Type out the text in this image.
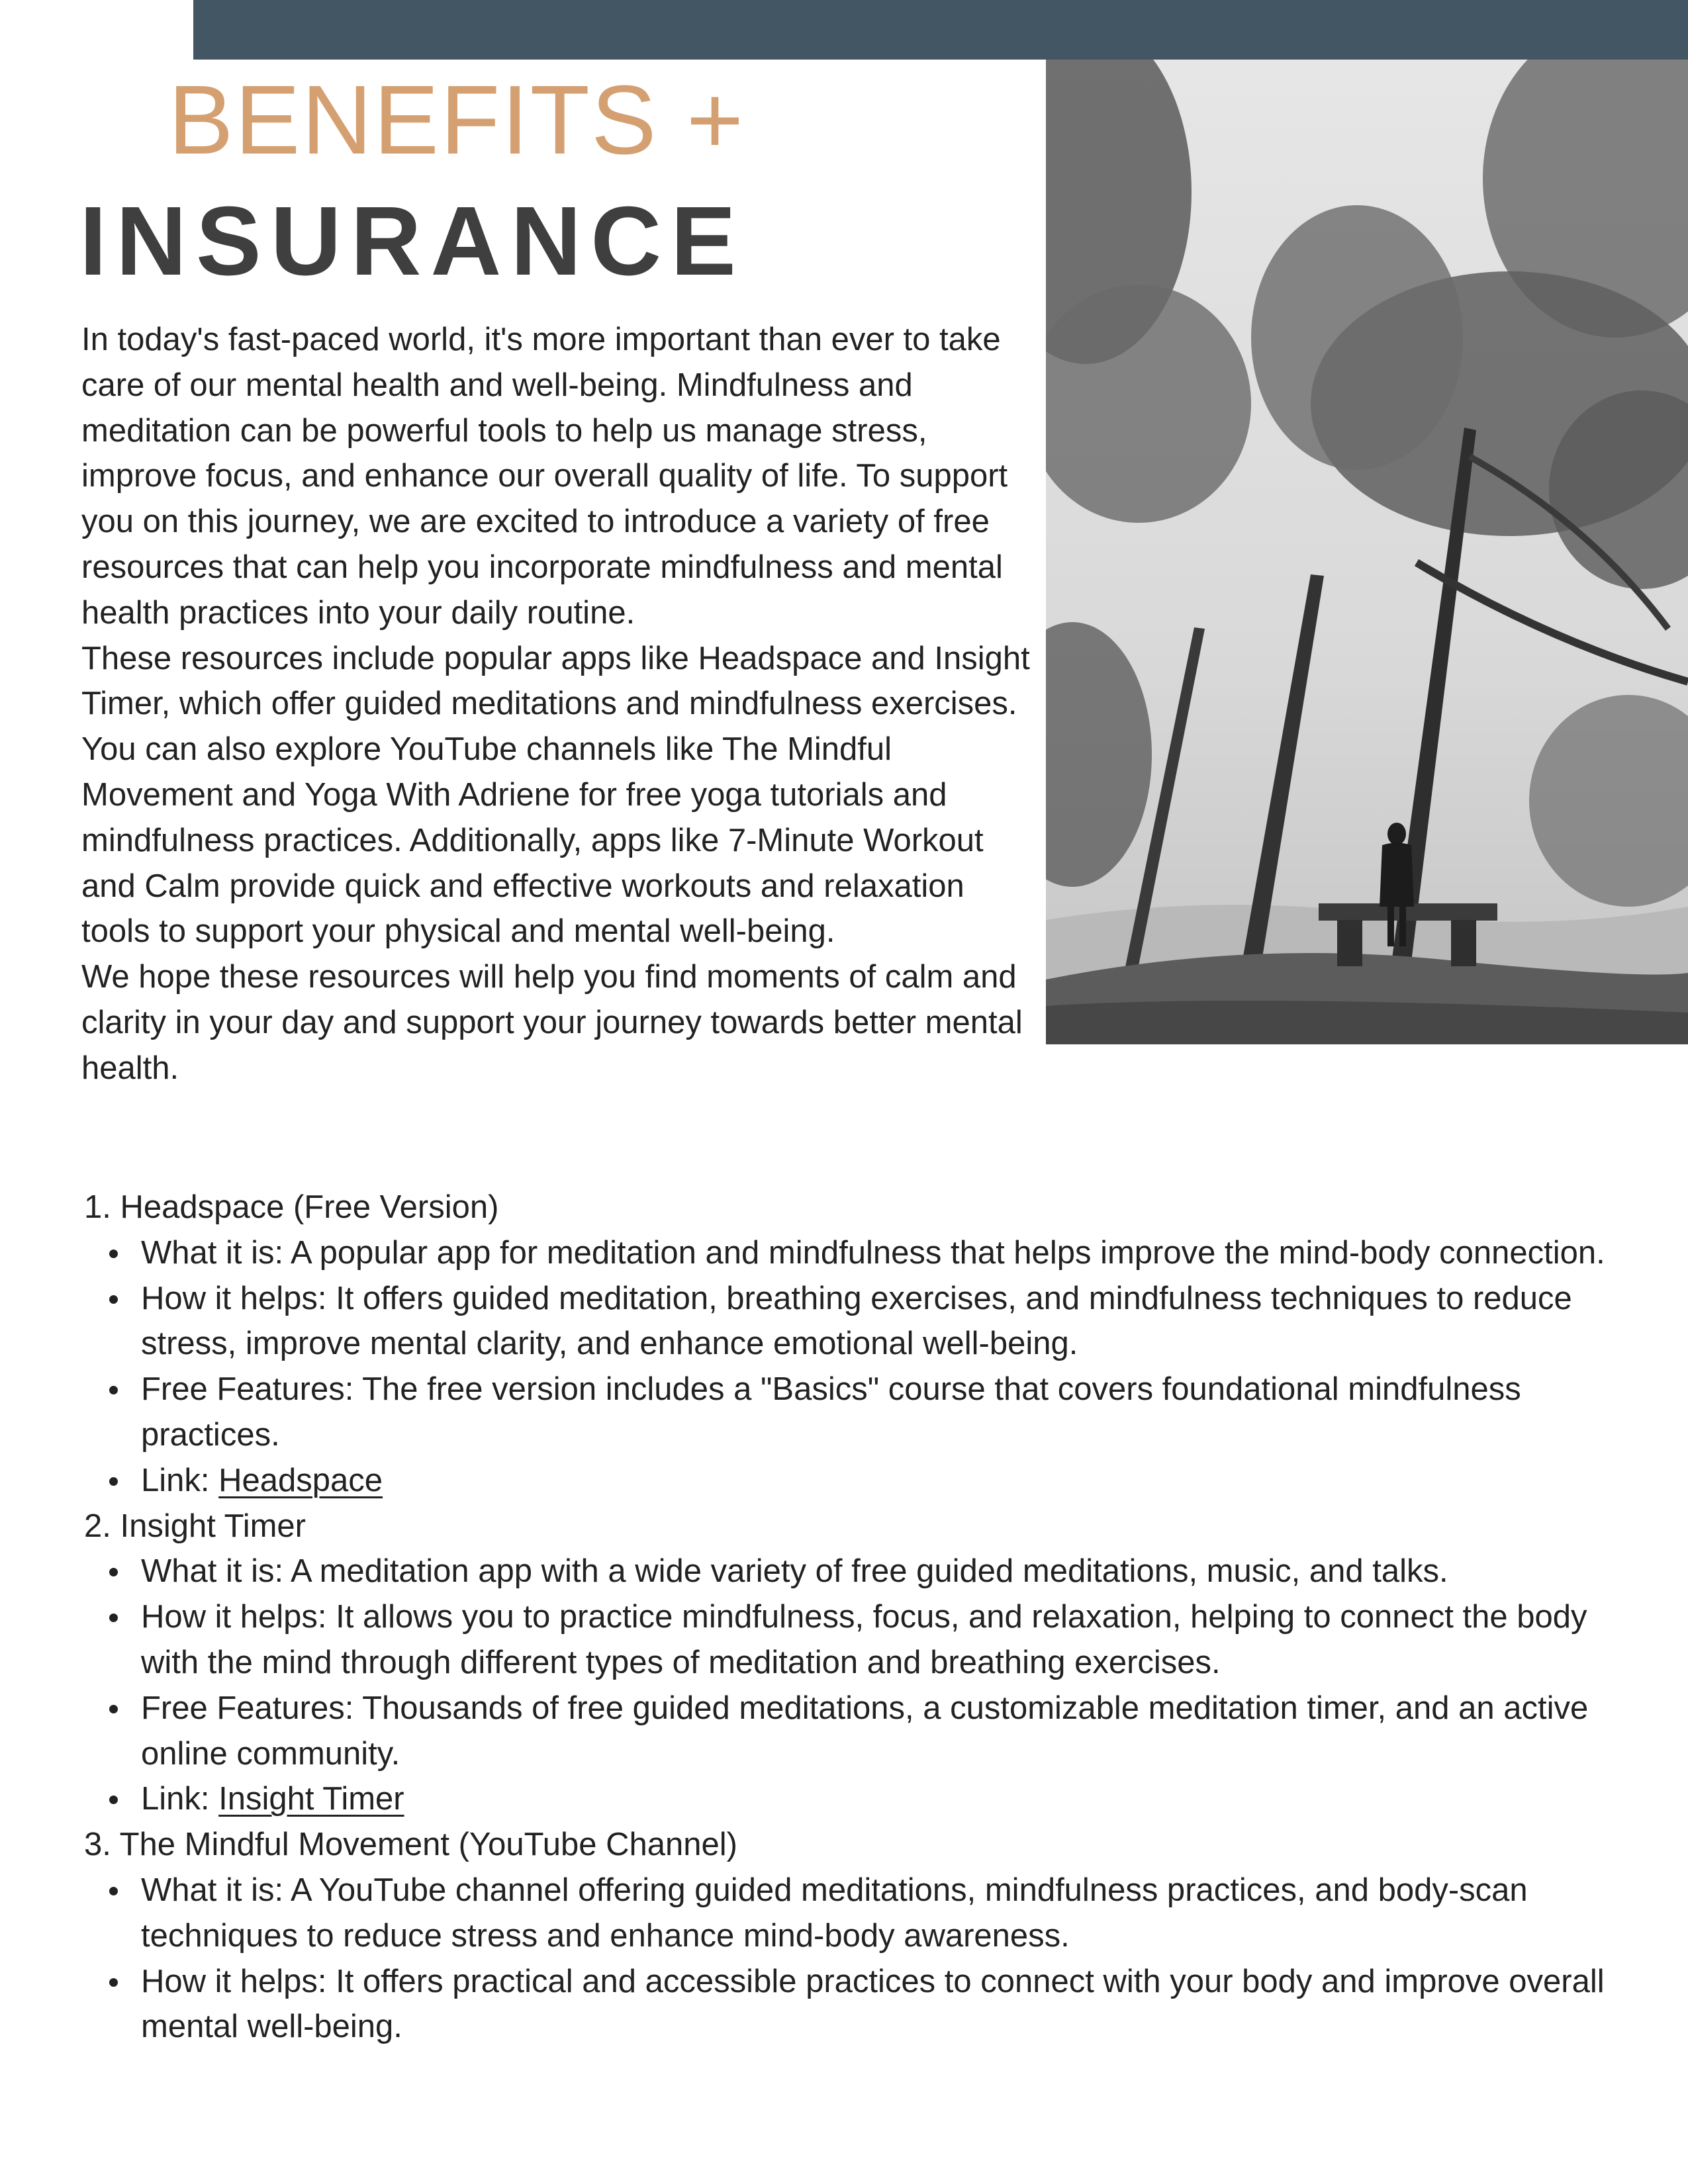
BENEFITS +
INSURANCE

In today's fast-paced world, it's more important than ever to take care of our mental health and well-being. Mindfulness and meditation can be powerful tools to help us manage stress, improve focus, and enhance our overall quality of life. To support you on this journey, we are excited to introduce a variety of free resources that can help you incorporate mindfulness and mental health practices into your daily routine.

These resources include popular apps like Headspace and Insight Timer, which offer guided meditations and mindfulness exercises. You can also explore YouTube channels like The Mindful Movement and Yoga With Adriene for free yoga tutorials and mindfulness practices. Additionally, apps like 7-Minute Workout and Calm provide quick and effective workouts and relaxation tools to support your physical and mental well-being.

We hope these resources will help you find moments of calm and clarity in your day and support your journey towards better mental health.

1. Headspace (Free Version)
What it is: A popular app for meditation and mindfulness that helps improve the mind-body connection.
How it helps: It offers guided meditation, breathing exercises, and mindfulness techniques to reduce stress, improve mental clarity, and enhance emotional well-being.
Free Features: The free version includes a "Basics" course that covers foundational mindfulness practices.
Link: Headspace
2. Insight Timer
What it is: A meditation app with a wide variety of free guided meditations, music, and talks.
How it helps: It allows you to practice mindfulness, focus, and relaxation, helping to connect the body with the mind through different types of meditation and breathing exercises.
Free Features: Thousands of free guided meditations, a customizable meditation timer, and an active online community.
Link: Insight Timer
3. The Mindful Movement (YouTube Channel)
What it is: A YouTube channel offering guided meditations, mindfulness practices, and body-scan techniques to reduce stress and enhance mind-body awareness.
How it helps: It offers practical and accessible practices to connect with your body and improve overall mental well-being.
